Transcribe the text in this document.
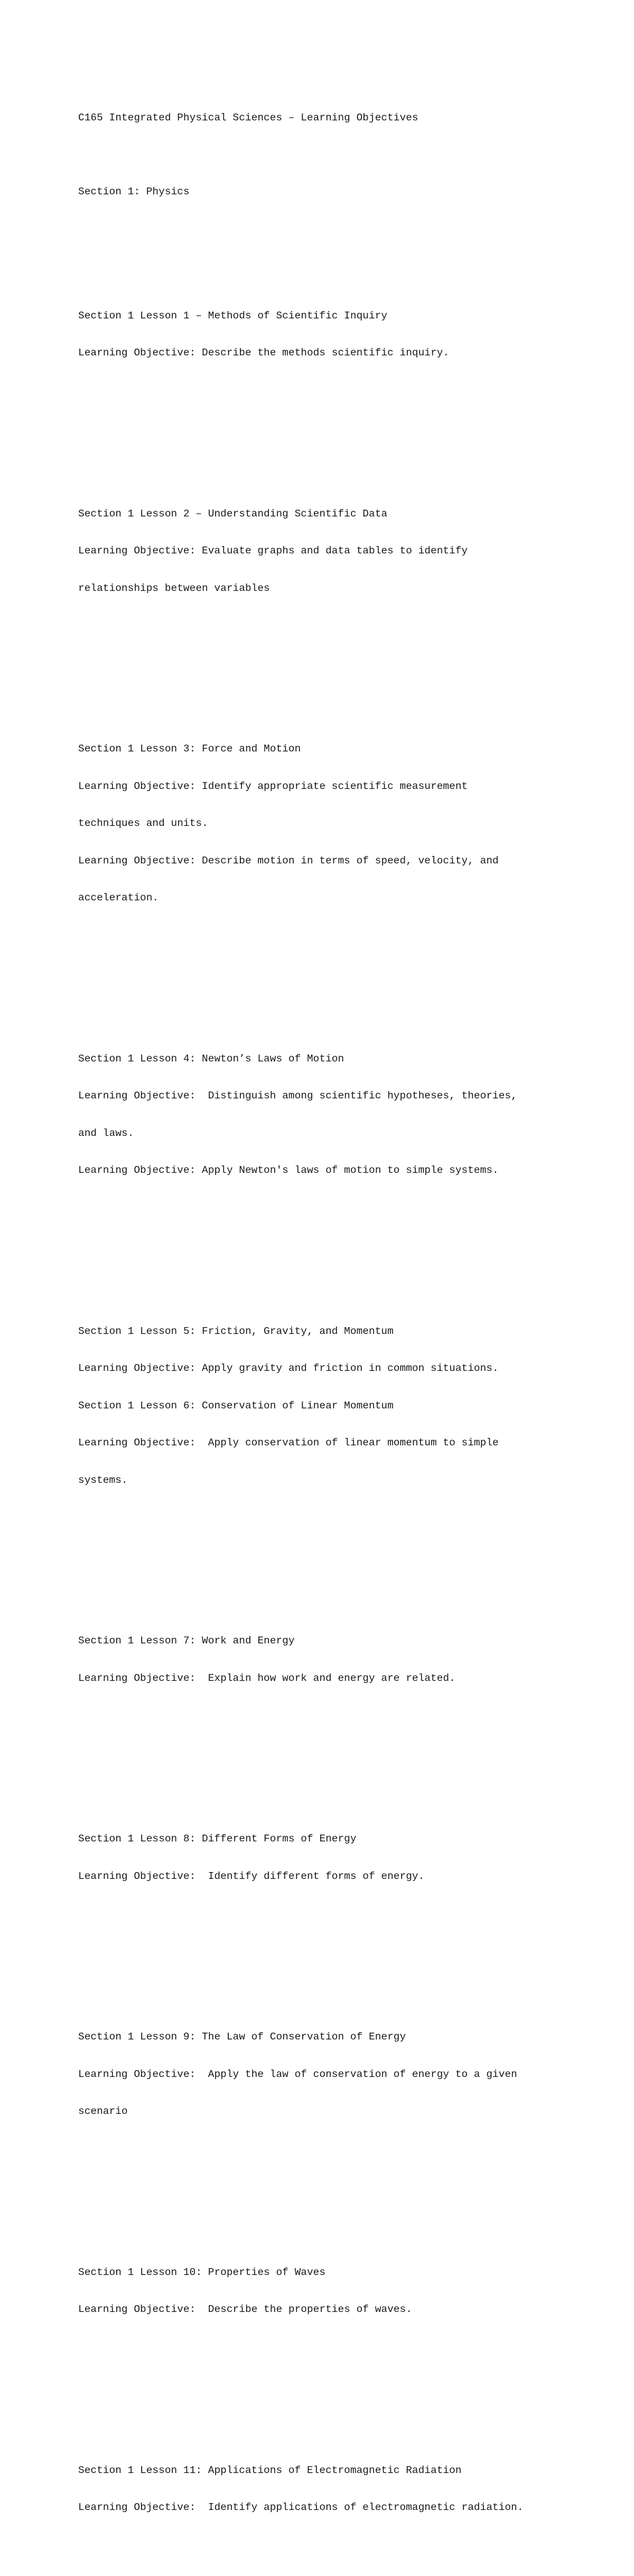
C165 Integrated Physical Sciences – Learning Objectives

Section 1: Physics

Section 1 Lesson 1 – Methods of Scientific Inquiry

Learning Objective: Describe the methods scientific inquiry.

Section 1 Lesson 2 – Understanding Scientific Data

Learning Objective: Evaluate graphs and data tables to identify

relationships between variables

Section 1 Lesson 3: Force and Motion

Learning Objective: Identify appropriate scientific measurement

techniques and units.

Learning Objective: Describe motion in terms of speed, velocity, and

acceleration.

Section 1 Lesson 4: Newton’s Laws of Motion

Learning Objective:  Distinguish among scientific hypotheses, theories,

and laws.

Learning Objective: Apply Newton's laws of motion to simple systems.

Section 1 Lesson 5: Friction, Gravity, and Momentum

Learning Objective: Apply gravity and friction in common situations.

Section 1 Lesson 6: Conservation of Linear Momentum

Learning Objective:  Apply conservation of linear momentum to simple

systems.

Section 1 Lesson 7: Work and Energy

Learning Objective:  Explain how work and energy are related.

Section 1 Lesson 8: Different Forms of Energy

Learning Objective:  Identify different forms of energy.

Section 1 Lesson 9: The Law of Conservation of Energy

Learning Objective:  Apply the law of conservation of energy to a given

scenario

Section 1 Lesson 10: Properties of Waves

Learning Objective:  Describe the properties of waves.

Section 1 Lesson 11: Applications of Electromagnetic Radiation

Learning Objective:  Identify applications of electromagnetic radiation.
